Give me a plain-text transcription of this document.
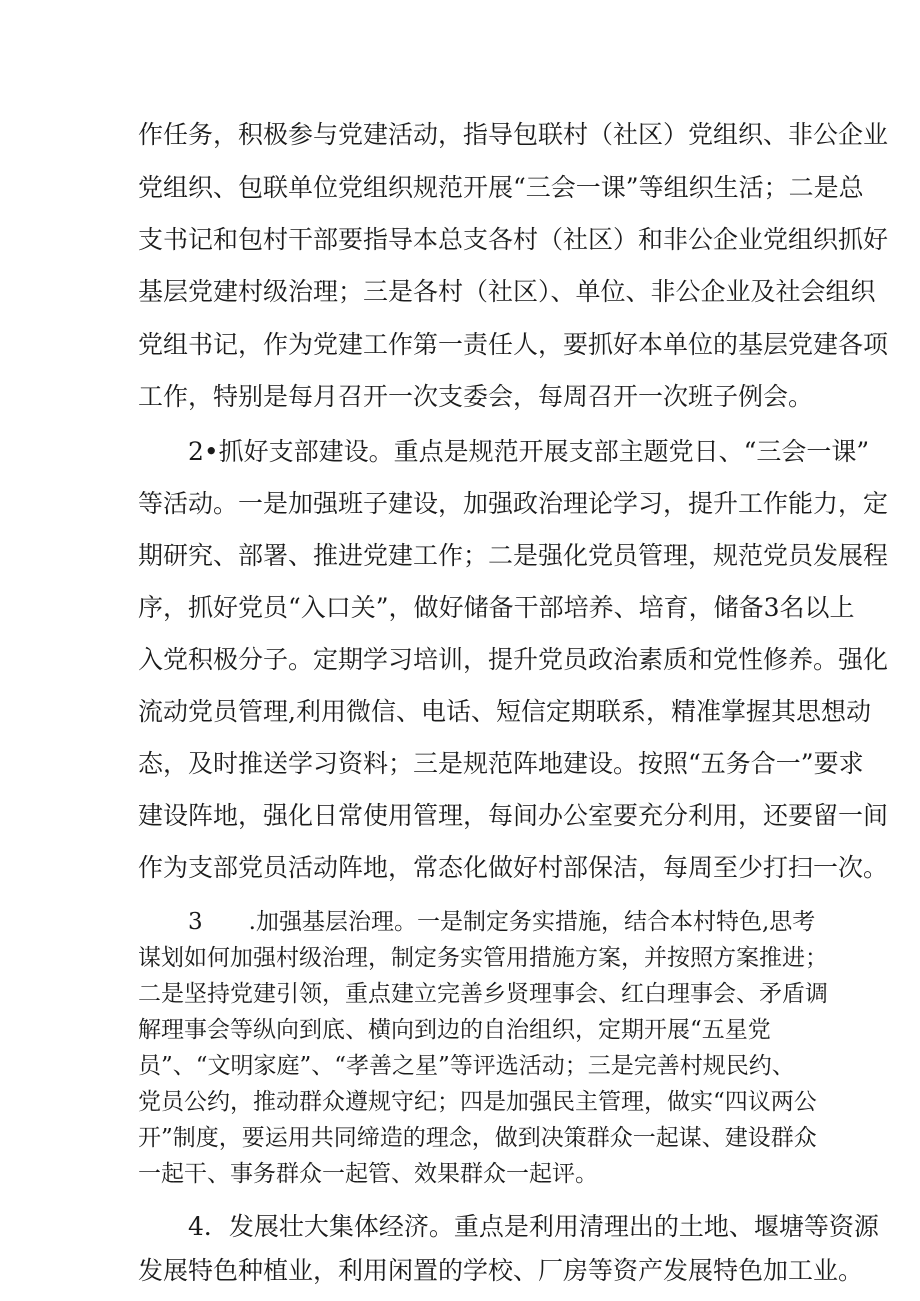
作任务，积极参与党建活动，指导包联村（社区）党组织、非公企业

党组织、包联单位党组织规范开展“三会一课”等组织生活；二是总

支书记和包村干部要指导本总支各村（社区）和非公企业党组织抓好

基层党建村级治理；三是各村（社区）、单位、非公企业及社会组织

党组书记，作为党建工作第一责任人，要抓好本单位的基层党建各项

工作，特别是每月召开一次支委会，每周召开一次班子例会。

2•抓好支部建设。重点是规范开展支部主题党日、“三会一课”

等活动。一是加强班子建设，加强政治理论学习，提升工作能力，定

期研究、部署、推进党建工作；二是强化党员管理，规范党员发展程

序，抓好党员“入口关”，做好储备干部培养、培育，储备3名以上

入党积极分子。定期学习培训，提升党员政治素质和党性修养。强化

流动党员管理,利用微信、电话、短信定期联系，精准掌握其思想动

态，及时推送学习资料；三是规范阵地建设。按照“五务合一”要求

建设阵地，强化日常使用管理，每间办公室要充分利用，还要留一间

作为支部党员活动阵地，常态化做好村部保洁，每周至少打扫一次。

3　　.加强基层治理。一是制定务实措施，结合本村特色,思考

谋划如何加强村级治理，制定务实管用措施方案，并按照方案推进；

二是坚持党建引领，重点建立完善乡贤理事会、红白理事会、矛盾调

解理事会等纵向到底、横向到边的自治组织，定期开展“五星党

员”、“文明家庭”、“孝善之星”等评选活动；三是完善村规民约、

党员公约，推动群众遵规守纪；四是加强民主管理，做实“四议两公

开”制度，要运用共同缔造的理念，做到决策群众一起谋、建设群众

一起干、事务群众一起管、效果群众一起评。

4．发展壮大集体经济。重点是利用清理出的土地、堰塘等资源

发展特色种植业，利用闲置的学校、厂房等资产发展特色加工业。
